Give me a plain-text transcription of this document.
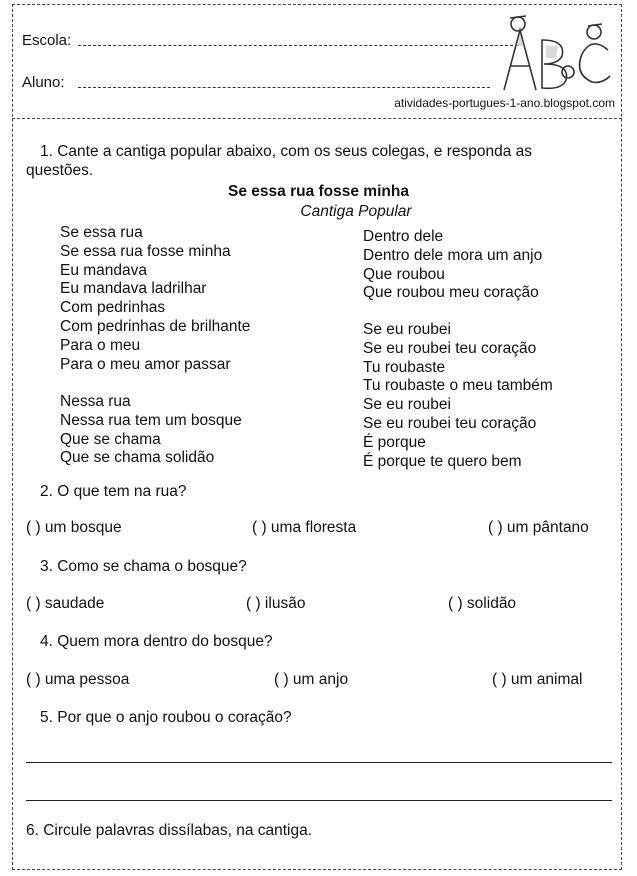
Escola:
Aluno:	A	B	C
atividades-portugues-1-ano.blogspot.com
1. Cante a cantiga popular abaixo, com os seus colegas, e responda as
questões.
Se essa rua fosse minha
Cantiga Popular
Se essa rua
Se essa rua fosse minha
Eu mandava
Eu mandava ladrilhar
Com pedrinhas
Com pedrinhas de brilhante
Para o meu
Para o meu amor passar
Nessa rua
Nessa rua tem um bosque
Que se chama
Que se chama solidão
Dentro dele
Dentro dele mora um anjo
Que roubou
Que roubou meu coração
Se eu roubei
Se eu roubei teu coração
Tu roubaste
Tu roubaste o meu também
Se eu roubei
Se eu roubei teu coração
É porque
É porque te quero bem
2. O que tem na rua?
( ) um bosque	( ) uma floresta	( ) um pântano
3. Como se chama o bosque?
( ) saudade	( ) ilusão	( ) solidão
4. Quem mora dentro do bosque?
( ) uma pessoa	( ) um anjo	( ) um animal
5. Por que o anjo roubou o coração?
6. Circule palavras dissílabas, na cantiga.
